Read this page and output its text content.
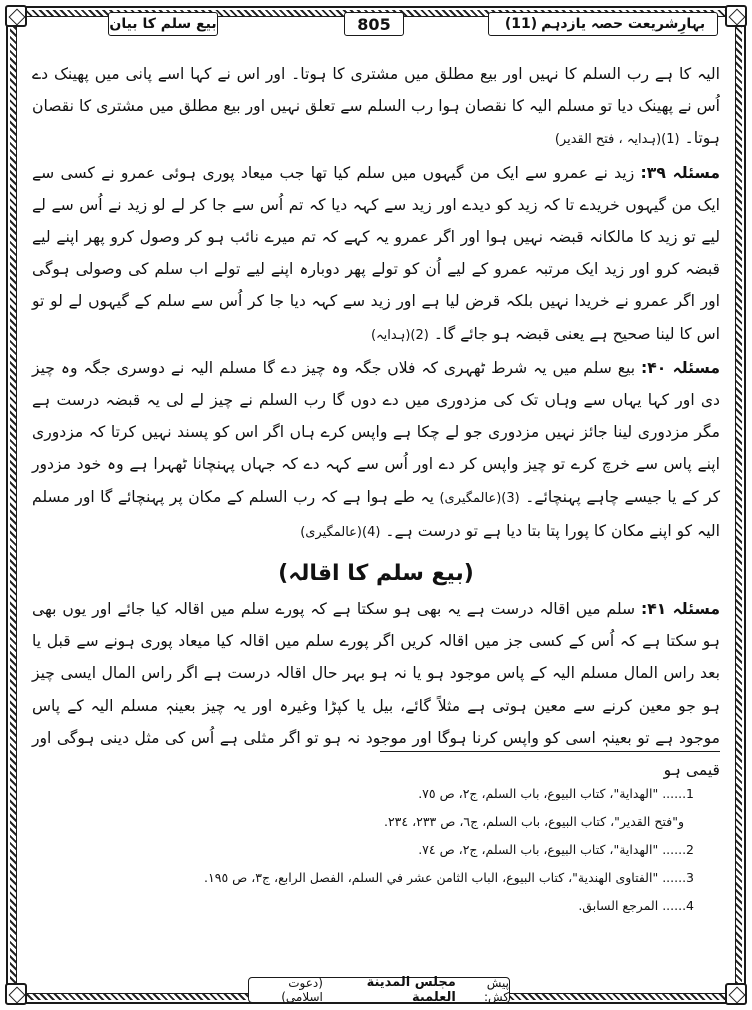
بیع سلم کا بیان	805	بہارِشریعت حصہ یازدہم
(11)

الیہ کا ہے رب السلم کا نہیں اور بیع مطلق میں مشتری کا ہوتا۔ اور اس نے کہا اسے پانی میں پھینک دے اُس نے پھینک دیا تو مسلم الیہ کا نقصان ہوا رب السلم سے تعلق نہیں اور بیع مطلق میں مشتری کا نقصان ہوتا۔ (1)(ہدایہ ، فتح القدیر)

مسئلہ ۳۹: زید نے عمرو سے ایک من گیہوں میں سلم کیا تھا جب میعاد پوری ہوئی عمرو نے کسی سے ایک من گیہوں خریدے تا کہ زید کو دیدے اور زید سے کہہ دیا کہ تم اُس سے جا کر لے لو زید نے اُس سے لے لیے تو زید کا مالکانہ قبضہ نہیں ہوا اور اگر عمرو یہ کہے کہ تم میرے نائب ہو کر وصول کرو پھر اپنے لیے قبضہ کرو اور زید ایک مرتبہ عمرو کے لیے اُن کو تولے پھر دوبارہ اپنے لیے تولے اب سلم کی وصولی ہوگی اور اگر عمرو نے خریدا نہیں بلکہ قرض لیا ہے اور زید سے کہہ دیا جا کر اُس سے سلم کے گیہوں لے لو تو اس کا لینا صحیح ہے یعنی قبضہ ہو جائے گا۔ (2)(ہدایہ)

مسئلہ ۴۰: بیع سلم میں یہ شرط ٹھہری کہ فلاں جگہ وہ چیز دے گا مسلم الیہ نے دوسری جگہ وہ چیز دی اور کہا یہاں سے وہاں تک کی مزدوری میں دے دوں گا رب السلم نے چیز لے لی یہ قبضہ درست ہے مگر مزدوری لینا جائز نہیں مزدوری جو لے چکا ہے واپس کرے ہاں اگر اس کو پسند نہیں کرتا کہ مزدوری اپنے پاس سے خرچ کرے تو چیز واپس کر دے اور اُس سے کہہ دے کہ جہاں پہنچانا ٹھہرا ہے وہ خود مزدور کر کے یا جیسے چاہے پہنچائے۔ (3)(عالمگیری) یہ طے ہوا ہے کہ رب السلم کے مکان پر پہنچائے گا اور مسلم الیہ کو اپنے مکان کا پورا پتا بتا دیا ہے تو درست ہے۔ (4)(عالمگیری)

(بیع سلم کا اقالہ)

مسئلہ ۴۱: سلم میں اقالہ درست ہے یہ بھی ہو سکتا ہے کہ پورے سلم میں اقالہ کیا جائے اور یوں بھی ہو سکتا ہے کہ اُس کے کسی جز میں اقالہ کریں اگر پورے سلم میں اقالہ کیا میعاد پوری ہونے سے قبل یا بعد راس المال مسلم الیہ کے پاس موجود ہو یا نہ ہو بہر حال اقالہ درست ہے اگر راس المال ایسی چیز ہو جو معین کرنے سے معین ہوتی ہے مثلاً گائے، بیل یا کپڑا وغیرہ اور یہ چیز بعینہٖ مسلم الیہ کے پاس موجود ہے تو بعینہٖ اسی کو واپس کرنا ہوگا اور موجود نہ ہو تو اگر مثلی ہے اُس کی مثل دینی ہوگی اور قیمی ہو

1...... "الهداية"، كتاب البيوع، باب السلم، ج٢، ص ٧٥.
و"فتح القدير"، كتاب البيوع، باب السلم، ج٦، ص ٢٣٣، ٢٣٤.
2...... "الهداية"، كتاب البيوع، باب السلم، ج٢، ص ٧٤.
3...... "الفتاوى الهندية"، كتاب البيوع، الباب الثامن عشر في السلم، الفصل الرابع، ج٣، ص ١٩٥.
4...... المرجع السابق.
پیش کش:
مجلس المدينة العلمية
(دعوت اسلامی)
